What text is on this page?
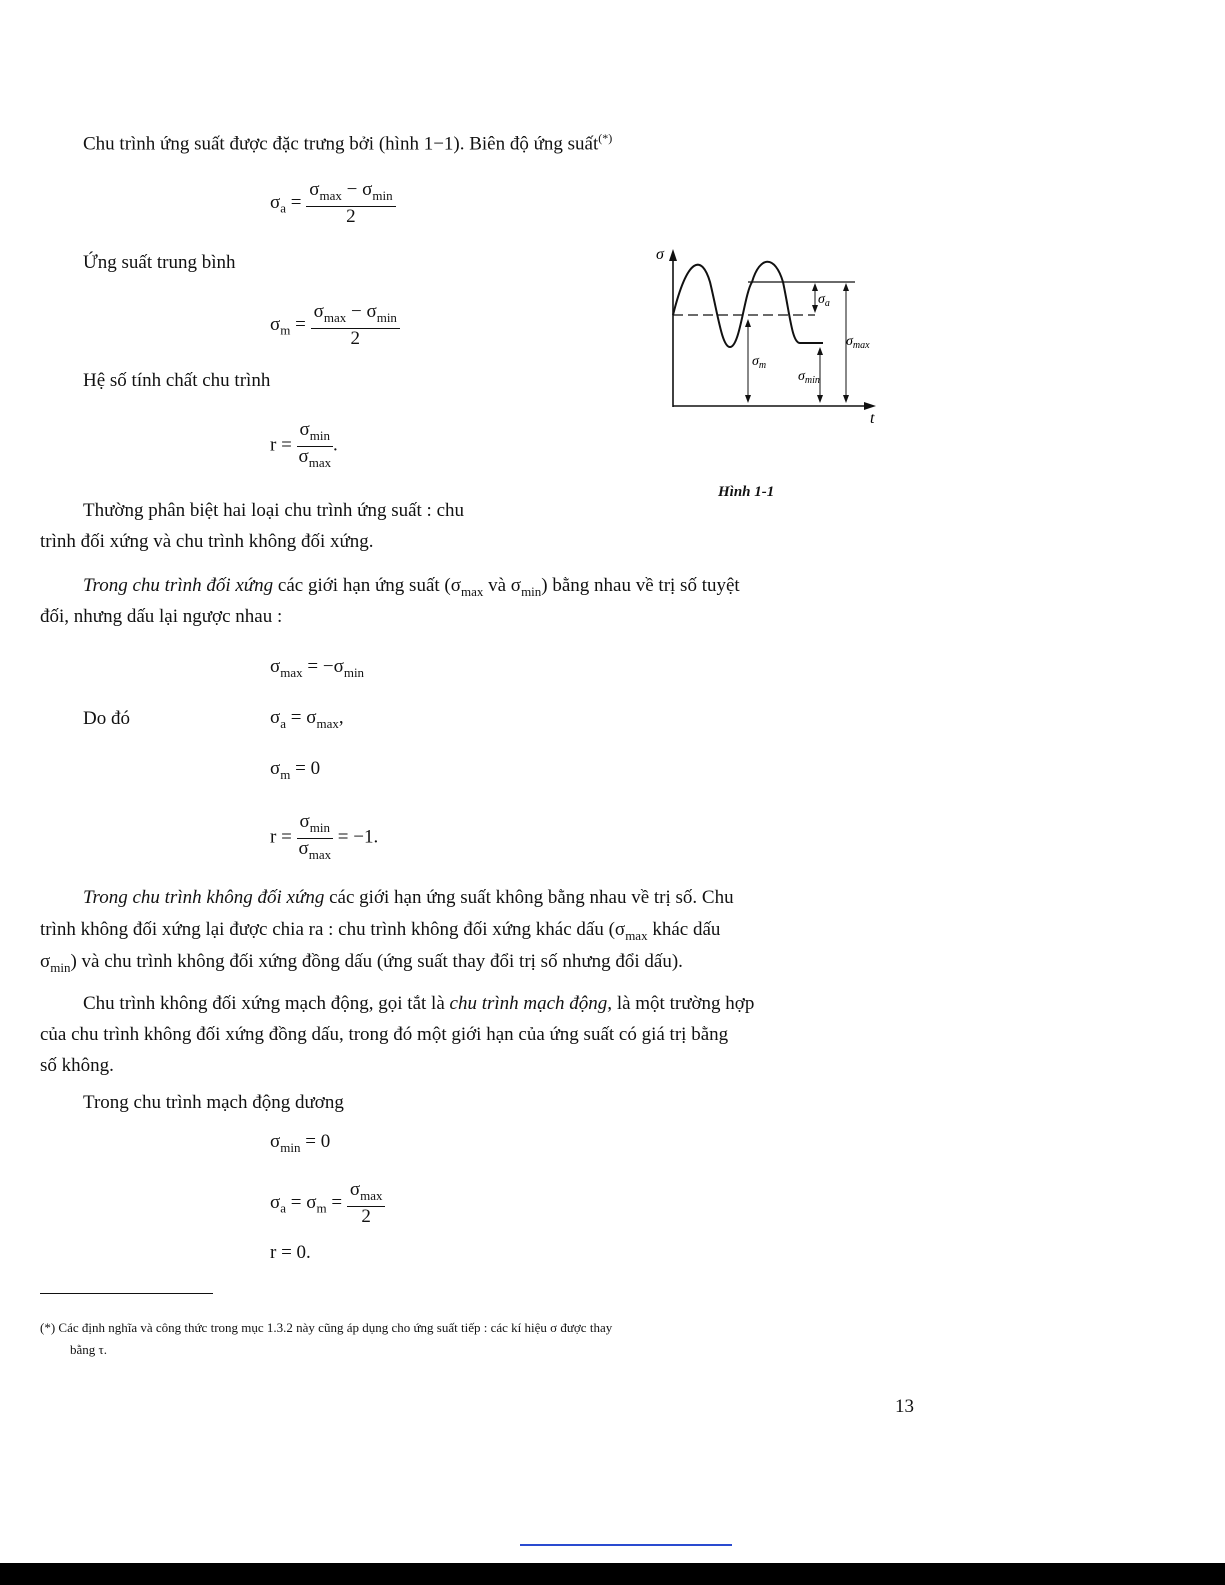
Chu trình ứng suất được đặc trưng bởi (hình 1−1). Biên độ ứng suất(*)
$\sigma_a = \frac{\sigma_{max} - \sigma_{min}}{2}$
Ứng suất trung bình
$\sigma_m = \frac{\sigma_{max} - \sigma_{min}}{2}$
Hệ số tính chất chu trình
$r = \frac{\sigma_{min}}{\sigma_{max}}$ .
σ
t
$\sigma_a$
$\sigma_m$
$\sigma_{min}$
$\sigma_{max}$
Hình 1-1
Thường phân biệt hai loại chu trình ứng suất : chu
trình đối xứng và chu trình không đối xứng.
Trong chu trình đối xứng các giới hạn ứng suất ($\sigma_{max}$ và $\sigma_{min}$) bằng nhau về trị số tuyệt
đối, nhưng dấu lại ngược nhau :
$\sigma_{max} = -\sigma_{min}$
Do đó	$\sigma_a = \sigma_{max}$,
$\sigma_m = 0$
$r = \frac{\sigma_{min}}{\sigma_{max}} = -1$.
Trong chu trình không đối xứng các giới hạn ứng suất không bằng nhau về trị số. Chu
trình không đối xứng lại được chia ra : chu trình không đối xứng khác dấu ($\sigma_{max}$ khác dấu
$\sigma_{min}$) và chu trình không đối xứng đồng dấu (ứng suất thay đổi trị số nhưng đổi dấu).
Chu trình không đối xứng mạch động, gọi tắt là chu trình mạch động, là một trường hợp
của chu trình không đối xứng đồng dấu, trong đó một giới hạn của ứng suất có giá trị bằng
số không.
Trong chu trình mạch động dương
$\sigma_{min} = 0$
$\sigma_a = \sigma_m = \frac{\sigma_{max}}{2}$
r = 0.
(*) Các định nghĩa và công thức trong mục 1.3.2 này cũng áp dụng cho ứng suất tiếp : các kí hiệu σ được thay
bằng τ.
13
